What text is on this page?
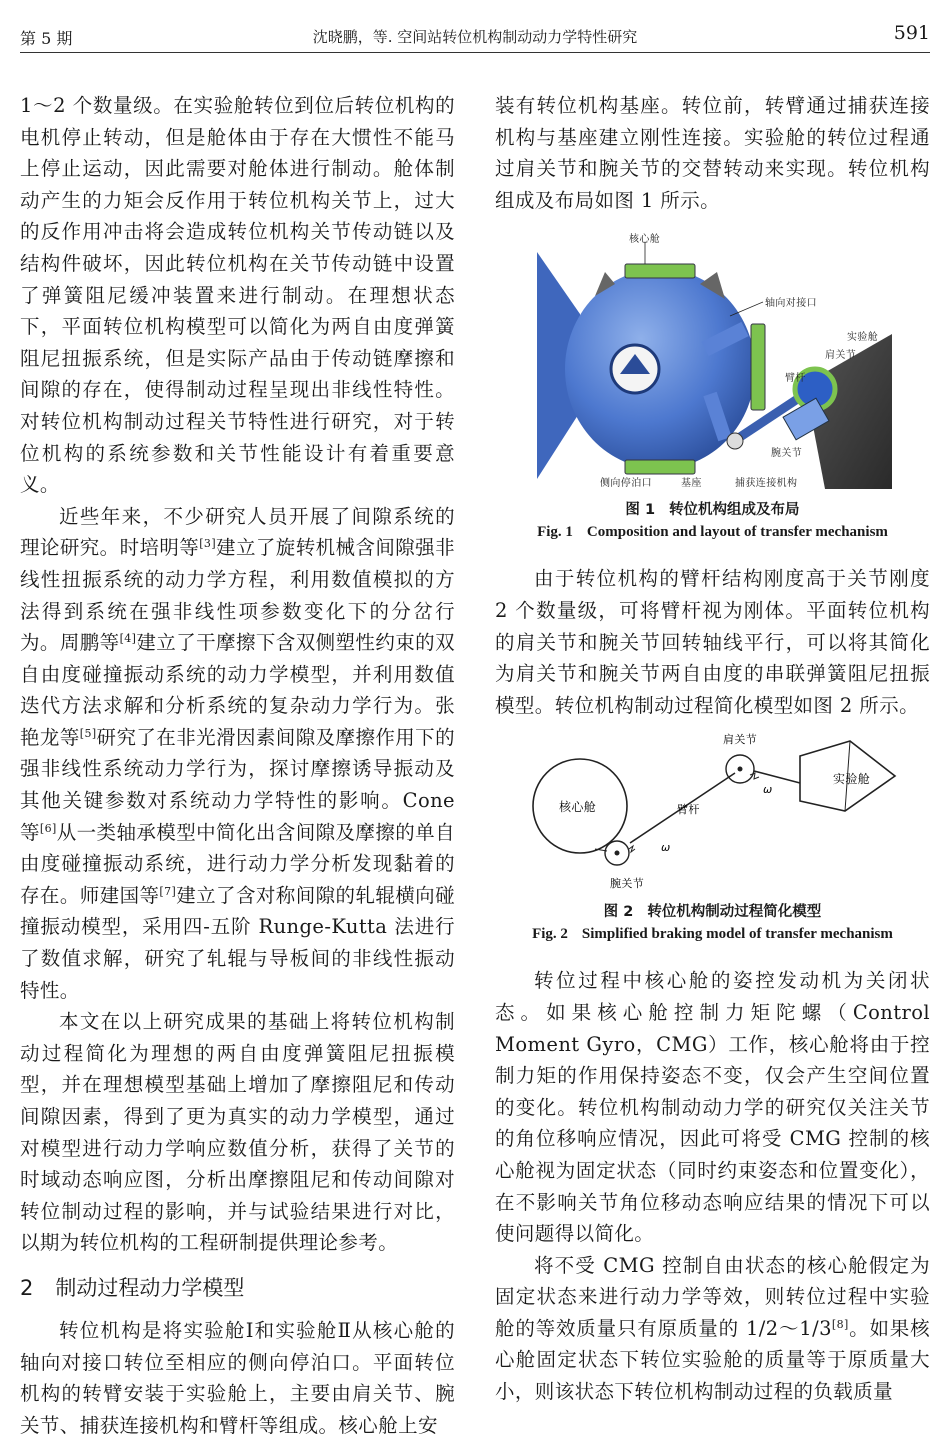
第 5 期	沈晓鹏，等. 空间站转位机构制动动力学特性研究	591

1～2 个数量级。在实验舱转位到位后转位机构的电机停止转动，但是舱体由于存在大惯性不能马上停止运动，因此需要对舱体进行制动。舱体制动产生的力矩会反作用于转位机构关节上，过大的反作用冲击将会造成转位机构关节传动链以及结构件破坏，因此转位机构在关节传动链中设置了弹簧阻尼缓冲装置来进行制动。在理想状态下，平面转位机构模型可以简化为两自由度弹簧阻尼扭振系统，但是实际产品由于传动链摩擦和间隙的存在，使得制动过程呈现出非线性特性。对转位机构制动过程关节特性进行研究，对于转位机构的系统参数和关节性能设计有着重要意义。

近些年来，不少研究人员开展了间隙系统的理论研究。时培明等[3]建立了旋转机械含间隙强非线性扭振系统的动力学方程，利用数值模拟的方法得到系统在强非线性项参数变化下的分岔行为。周鹏等[4]建立了干摩擦下含双侧塑性约束的双自由度碰撞振动系统的动力学模型，并利用数值迭代方法求解和分析系统的复杂动力学行为。张艳龙等[5]研究了在非光滑因素间隙及摩擦作用下的强非线性系统动力学行为，探讨摩擦诱导振动及其他关键参数对系统动力学特性的影响。Cone 等[6]从一类轴承模型中简化出含间隙及摩擦的单自由度碰撞振动系统，进行动力学分析发现黏着的存在。师建国等[7]建立了含对称间隙的轧辊横向碰撞振动模型，采用四-五阶 Runge-Kutta 法进行了数值求解，研究了轧辊与导板间的非线性振动特性。

本文在以上研究成果的基础上将转位机构制动过程简化为理想的两自由度弹簧阻尼扭振模型，并在理想模型基础上增加了摩擦阻尼和传动间隙因素，得到了更为真实的动力学模型，通过对模型进行动力学响应数值分析，获得了关节的时域动态响应图，分析出摩擦阻尼和传动间隙对转位制动过程的影响，并与试验结果进行对比，以期为转位机构的工程研制提供理论参考。

2 制动过程动力学模型

转位机构是将实验舱Ⅰ和实验舱Ⅱ从核心舱的轴向对接口转位至相应的侧向停泊口。平面转位机构的转臂安装于实验舱上，主要由肩关节、腕关节、捕获连接机构和臂杆等组成。核心舱上安

装有转位机构基座。转位前，转臂通过捕获连接机构与基座建立刚性连接。实验舱的转位过程通过肩关节和腕关节的交替转动来实现。转位机构组成及布局如图 1 所示。

核心舱
轴向对接口
实验舱
肩关节
臂杆
腕关节
侧向停泊口	基座	捕获连接机构
图 1 转位机构组成及布局
Fig. 1 Composition and layout of transfer mechanism

由于转位机构的臂杆结构刚度高于关节刚度 2 个数量级，可将臂杆视为刚体。平面转位机构的肩关节和腕关节回转轴线平行，可以将其简化为肩关节和腕关节两自由度的串联弹簧阻尼扭振模型。转位机构制动过程简化模型如图 2 所示。

核心舱
实验舱
肩关节
臂杆
腕关节
ω
ω
图 2 转位机构制动过程简化模型
Fig. 2 Simplified braking model of transfer mechanism

转位过程中核心舱的姿控发动机为关闭状态。如果核心舱控制力矩陀螺（Control Moment Gyro，CMG）工作，核心舱将由于控制力矩的作用保持姿态不变，仅会产生空间位置的变化。转位机构制动动力学的研究仅关注关节的角位移响应情况，因此可将受 CMG 控制的核心舱视为固定状态（同时约束姿态和位置变化），在不影响关节角位移动态响应结果的情况下可以使问题得以简化。

将不受 CMG 控制自由状态的核心舱假定为固定状态来进行动力学等效，则转位过程中实验舱的等效质量只有原质量的 1/2～1/3[8]。如果核心舱固定状态下转位实验舱的质量等于原质量大小，则该状态下转位机构制动过程的负载质量
